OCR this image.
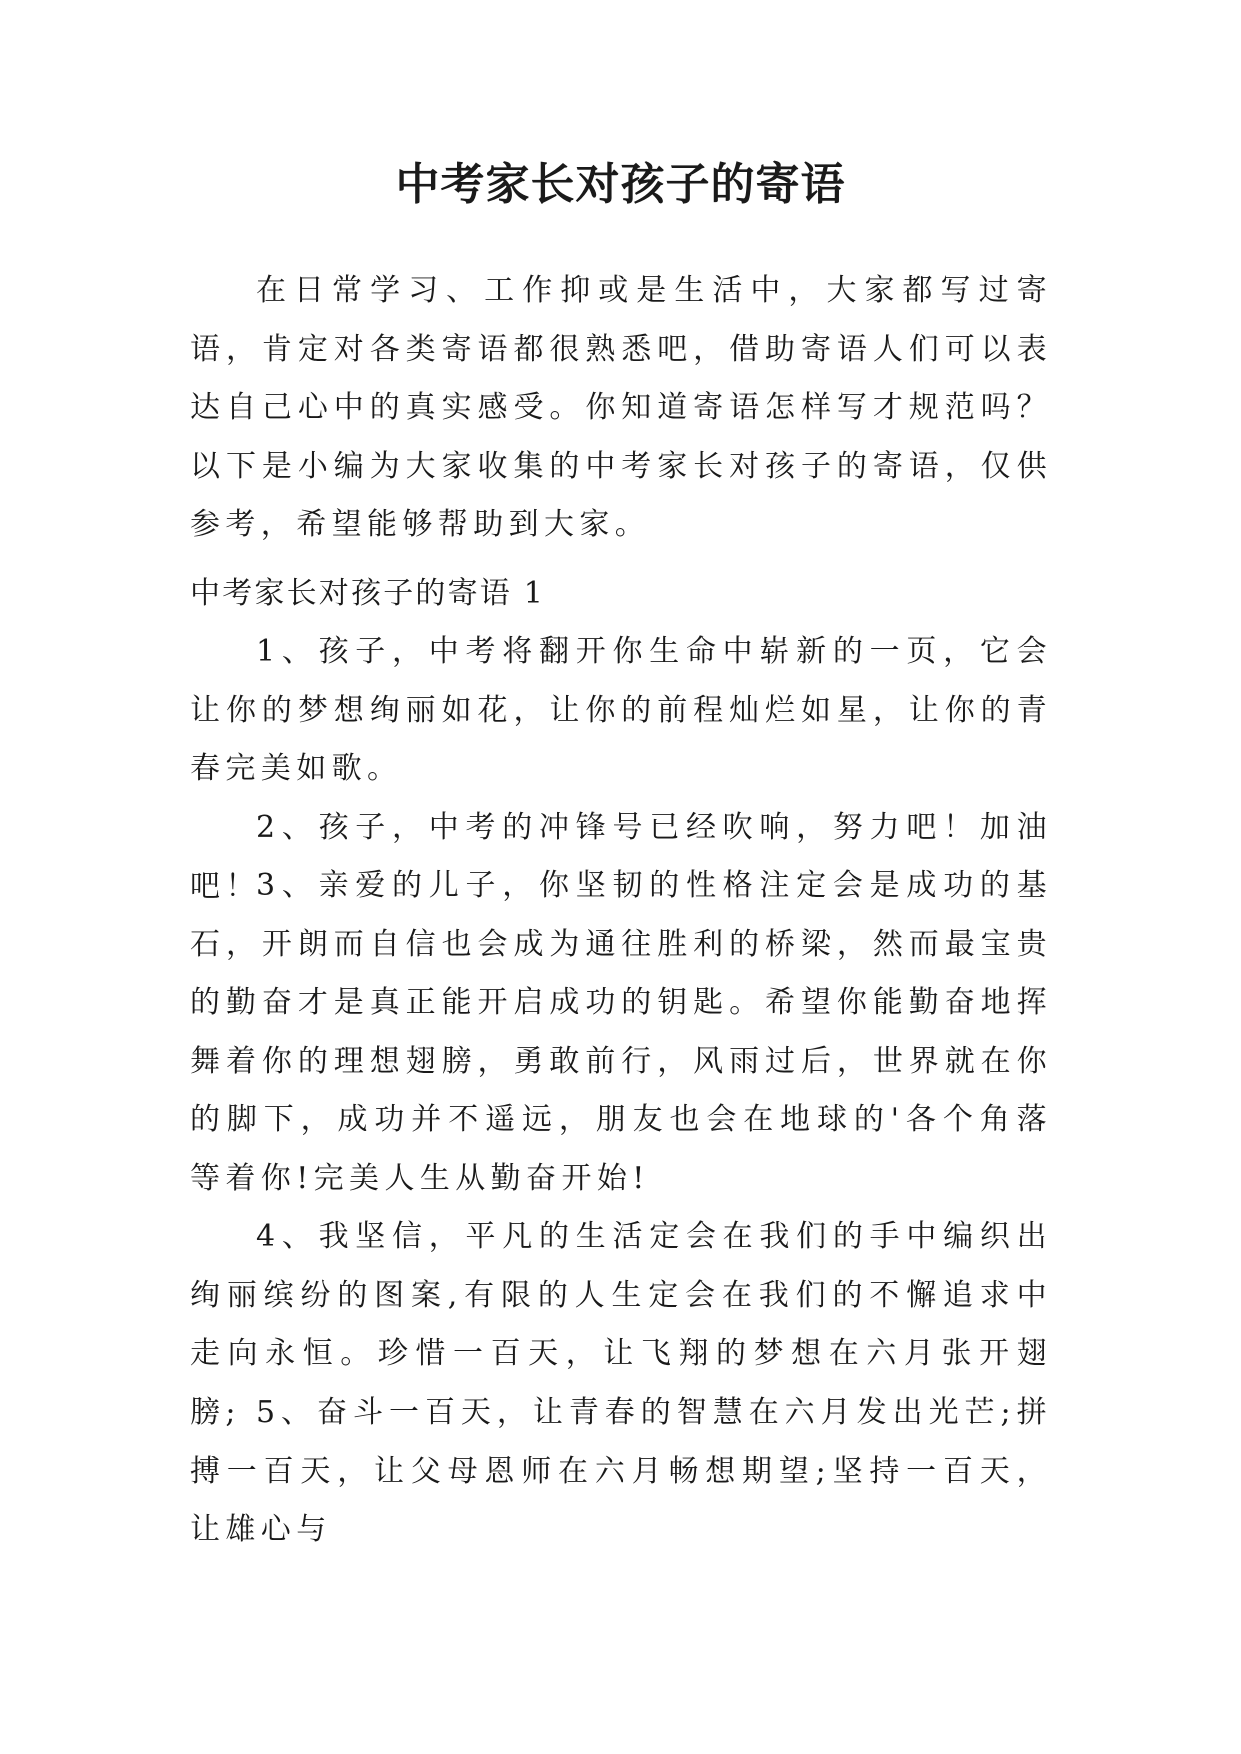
中考家长对孩子的寄语

在日常学习、工作抑或是生活中，大家都写过寄语，肯定对各类寄语都很熟悉吧，借助寄语人们可以表达自己心中的真实感受。你知道寄语怎样写才规范吗？以下是小编为大家收集的中考家长对孩子的寄语，仅供参考，希望能够帮助到大家。

中考家长对孩子的寄语 1

1、孩子，中考将翻开你生命中崭新的一页，它会让你的梦想绚丽如花，让你的前程灿烂如星，让你的青春完美如歌。

2、孩子，中考的冲锋号已经吹响，努力吧！加油吧！

3、亲爱的儿子，你坚韧的性格注定会是成功的基石，开朗而自信也会成为通往胜利的桥梁，然而最宝贵的勤奋才是真正能开启成功的钥匙。希望你能勤奋地挥舞着你的理想翅膀，勇敢前行，风雨过后，世界就在你的脚下，成功并不遥远，朋友也会在地球的'各个角落等着你!完美人生从勤奋开始!

4、我坚信，平凡的生活定会在我们的手中编织出绚丽缤纷的图案,有限的人生定会在我们的不懈追求中走向永恒。珍惜一百天，让飞翔的梦想在六月张开翅膀; 5、奋斗一百天，让青春的智慧在六月发出光芒;拼搏一百天，让父母恩师在六月畅想期望;坚持一百天，让雄心与
